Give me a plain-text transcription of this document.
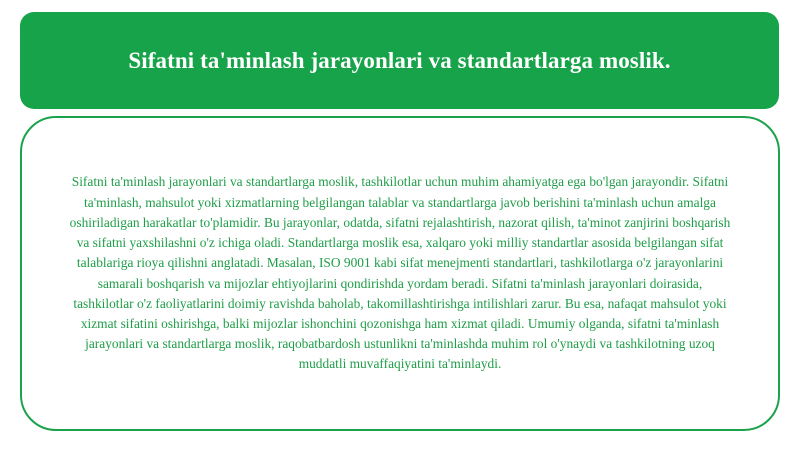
Sifatni ta'minlash jarayonlari va standartlarga moslik.

Sifatni ta'minlash jarayonlari va standartlarga moslik, tashkilotlar uchun muhim ahamiyatga ega bo'lgan jarayondir. Sifatni ta'minlash, mahsulot yoki xizmatlarning belgilangan talablar va standartlarga javob berishini ta'minlash uchun amalga oshiriladigan harakatlar to'plamidir. Bu jarayonlar, odatda, sifatni rejalashtirish, nazorat qilish, ta'minot zanjirini boshqarish va sifatni yaxshilashni o'z ichiga oladi. Standartlarga moslik esa, xalqaro yoki milliy standartlar asosida belgilangan sifat talablariga rioya qilishni anglatadi. Masalan, ISO 9001 kabi sifat menejmenti standartlari, tashkilotlarga o'z jarayonlarini samarali boshqarish va mijozlar ehtiyojlarini qondirishda yordam beradi. Sifatni ta'minlash jarayonlari doirasida, tashkilotlar o'z faoliyatlarini doimiy ravishda baholab, takomillashtirishga intilishlari zarur. Bu esa, nafaqat mahsulot yoki xizmat sifatini oshirishga, balki mijozlar ishonchini qozonishga ham xizmat qiladi. Umumiy olganda, sifatni ta'minlash jarayonlari va standartlarga moslik, raqobatbardosh ustunlikni ta'minlashda muhim rol o'ynaydi va tashkilotning uzoq muddatli muvaffaqiyatini ta'minlaydi.
